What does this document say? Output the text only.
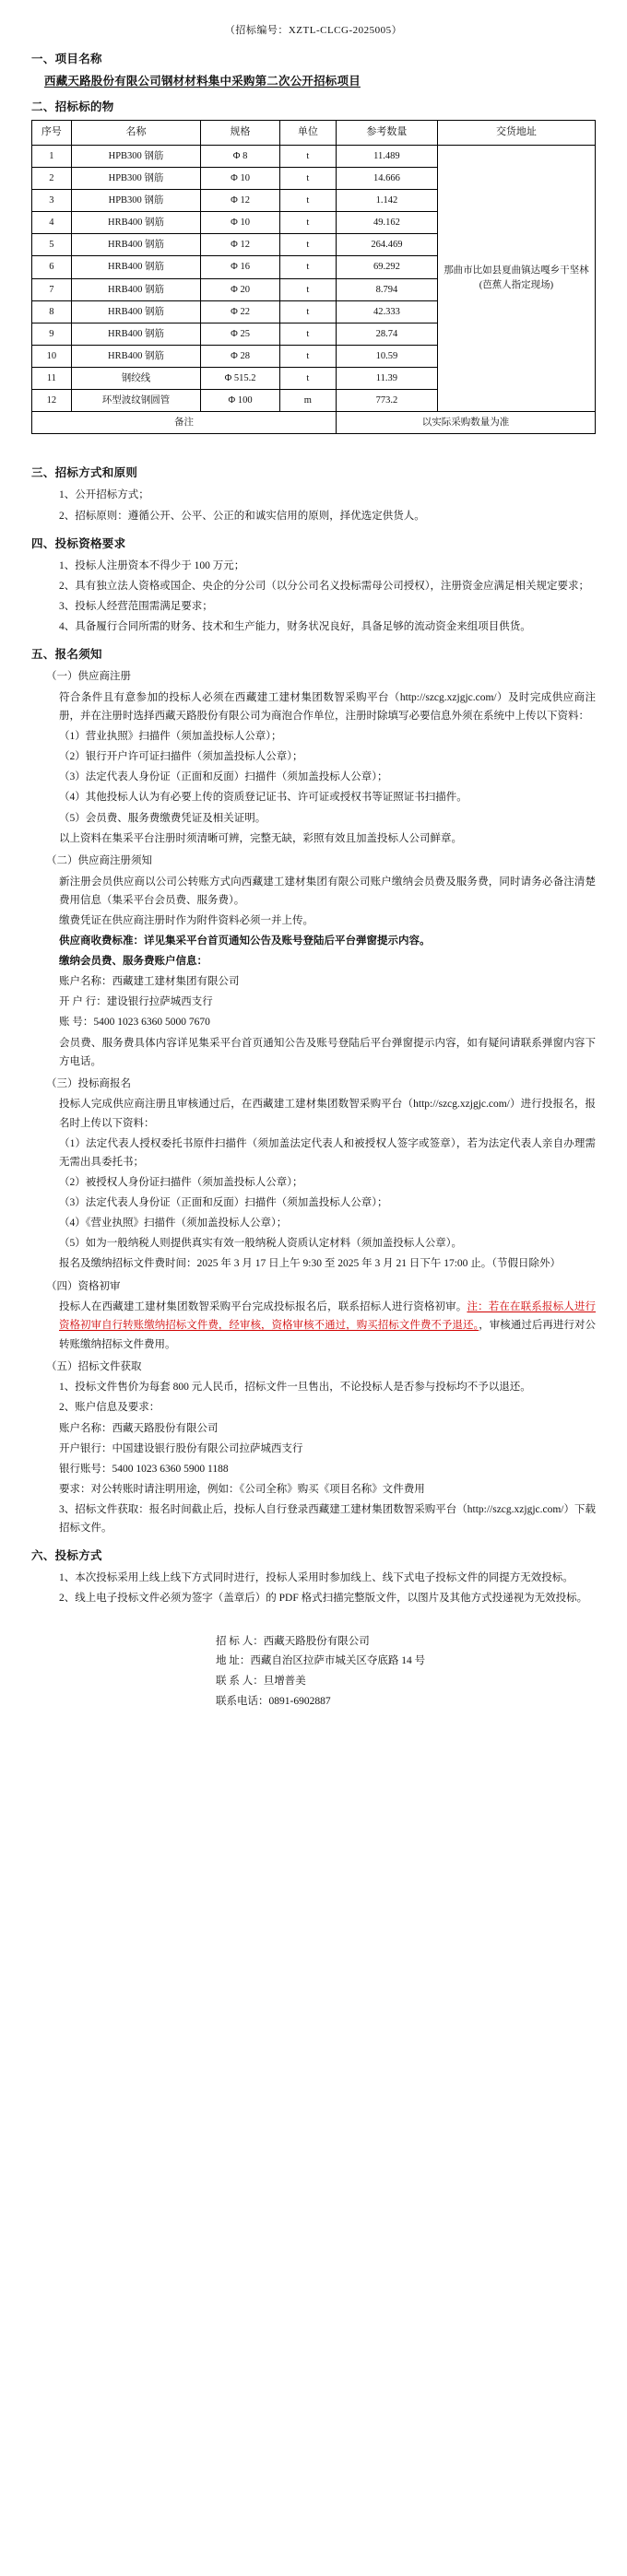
（招标编号：XZTL-CLCG-2025005）
一、项目名称
西藏天路股份有限公司钢材材料集中采购第二次公开招标项目
二、招标标的物
序号	名称	规格	单位	参考数量	交货地址
1	HPB300 钢筋	Φ 8	t	11.489	那曲市比如县夏曲镇达嘎乡干坚林 (芭蕉人指定现场)
2	HPB300 钢筋	Φ 10	t	14.666	
3	HPB300 钢筋	Φ 12	t	1.142	
4	HRB400 钢筋	Φ 10	t	49.162	
5	HRB400 钢筋	Φ 12	t	264.469	
6	HRB400 钢筋	Φ 16	t	69.292	
7	HRB400 钢筋	Φ 20	t	8.794	
8	HRB400 钢筋	Φ 22	t	42.333	
9	HRB400 钢筋	Φ 25	t	28.74	
10	HRB400 钢筋	Φ 28	t	10.59	
11	钢绞线	Φ 515.2	t	11.39	
12	环型波纹钢圆管	Φ 100	m	773.2	
备注				以实际采购数量为准	
三、招标方式和原则
1、公开招标方式；
2、招标原则：遵循公开、公平、公正的和诚实信用的原则，择优选定供货人。
四、投标资格要求
1、投标人注册资本不得少于 100 万元；
2、具有独立法人资格或国企、央企的分公司（以分公司名义投标需母公司授权），注册资金应满足相关规定要求；
3、投标人经营范围需满足要求；
4、具备履行合同所需的财务、技术和生产能力，财务状况良好，具备足够的流动资金来组项目供货。
五、报名须知
（一）供应商注册
符合条件且有意参加的投标人必须在西藏建工建材集团数智采购平台（http://szcg.xzjgjc.com/）及时完成供应商注册，并在注册时选择西藏天路股份有限公司为商泡合作单位，注册时除填写必要信息外须在系统中上传以下资料：
（1）营业执照》扫描件（须加盖投标人公章）；
（2）银行开户许可证扫描件（须加盖投标人公章）；
（3）法定代表人身份证（正面和反面）扫描件（须加盖投标人公章）；
（4）其他投标人认为有必要上传的资质登记证书、许可证或授权书等证照证书扫描件。
（5）会员费、服务费缴费凭证及相关证明。
以上资料在集采平台注册时须清晰可辨，完整无缺，彩照有效且加盖投标人公司鲜章。
（二）供应商注册须知
新注册会员供应商以公司公转账方式向西藏建工建材集团有限公司账户缴纳会员费及服务费，同时请务必备注清楚费用信息（集采平台会员费、服务费）。
缴费凭证在供应商注册时作为附件资料必须一并上传。
供应商收费标准：详见集采平台首页通知公告及账号登陆后平台弹窗提示内容。
缴纳会员费、服务费账户信息：
账户名称：西藏建工建材集团有限公司
开 户 行：建设银行拉萨城西支行
账 号：5400 1023 6360 5000 7670
会员费、服务费具体内容详见集采平台首页通知公告及账号登陆后平台弹窗提示内容，如有疑问请联系弹窗内容下方电话。
（三）投标商报名
投标人完成供应商注册且审核通过后，在西藏建工建材集团数智采购平台（http://szcg.xzjgjc.com/）进行投报名，报名时上传以下资料：
（1）法定代表人授权委托书原件扫描件（须加盖法定代表人和被授权人签字或签章），若为法定代表人亲自办理需无需出具委托书；
（2）被授权人身份证扫描件（须加盖投标人公章）；
（3）法定代表人身份证（正面和反面）扫描件（须加盖投标人公章）；
（4）《营业执照》扫描件（须加盖投标人公章）；
（5）如为一般纳税人则提供真实有效一般纳税人资质认定材料（须加盖投标人公章）。
报名及缴纳招标文件费时间：2025 年 3 月 17 日上午 9:30 至 2025 年 3 月 21 日下午 17:00 止。（节假日除外）
（四）资格初审
投标人在西藏建工建材集团数智采购平台完成投标报名后，联系招标人进行资格初审。注：若在在联系报标人进行资格初审自行转账缴纳招标文件费，经审核，资格审核不通过，购买招标文件费不予退还。，审核通过后再进行对公转账缴纳招标文件费用。
（五）招标文件获取
1、投标文件售价为每套 800 元人民币，招标文件一旦售出，不论投标人是否参与投标均不予以退还。
2、账户信息及要求：
账户名称：西藏天路股份有限公司
开户银行：中国建设银行股份有限公司拉萨城西支行
银行账号：5400 1023 6360 5900 1188
要求：对公转账时请注明用途，例如：《公司全称》购买《项目名称》文件费用
3、招标文件获取：报名时间截止后，投标人自行登录西藏建工建材集团数智采购平台（http://szcg.xzjgjc.com/）下载招标文件。
六、投标方式
1、本次投标采用上线上线下方式同时进行，投标人采用时参加线上、线下式电子投标文件的同提方无效投标。
2、线上电子投标文件必须为签字（盖章后）的 PDF 格式扫描完整版文件，以图片及其他方式投递视为无效投标。
招 标 人：西藏天路股份有限公司
地 址：西藏自治区拉萨市城关区夺底路 14 号
联 系 人：旦增普美
联系电话：0891-6902887
